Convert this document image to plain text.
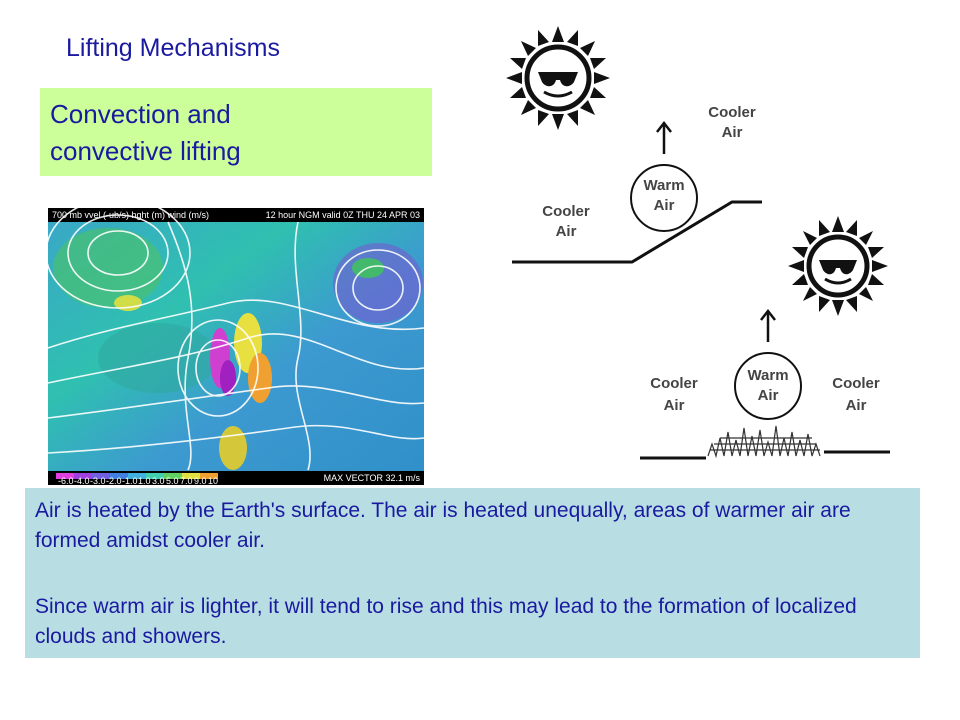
Lifting Mechanisms
Convection and
convective lifting
700 mb vvel (-ub/s) hght (m) wind (m/s)	12 hour NGM valid 0Z THU 24 APR 03
MAX VECTOR 32.1 m/s
-6.0 -4.0 -3.0 -2.0 -1.0 1.0 3.0 5.0 7.0 9.0 10
Cooler
Air
Warm
Air
Cooler
Air
Cooler
Air
Warm
Air
Cooler
Air
Air is heated by the Earth's surface. The air is heated unequally, areas of warmer air are formed amidst cooler air.
Since warm air is lighter, it will tend to rise and this may lead to the formation of localized clouds and showers.
